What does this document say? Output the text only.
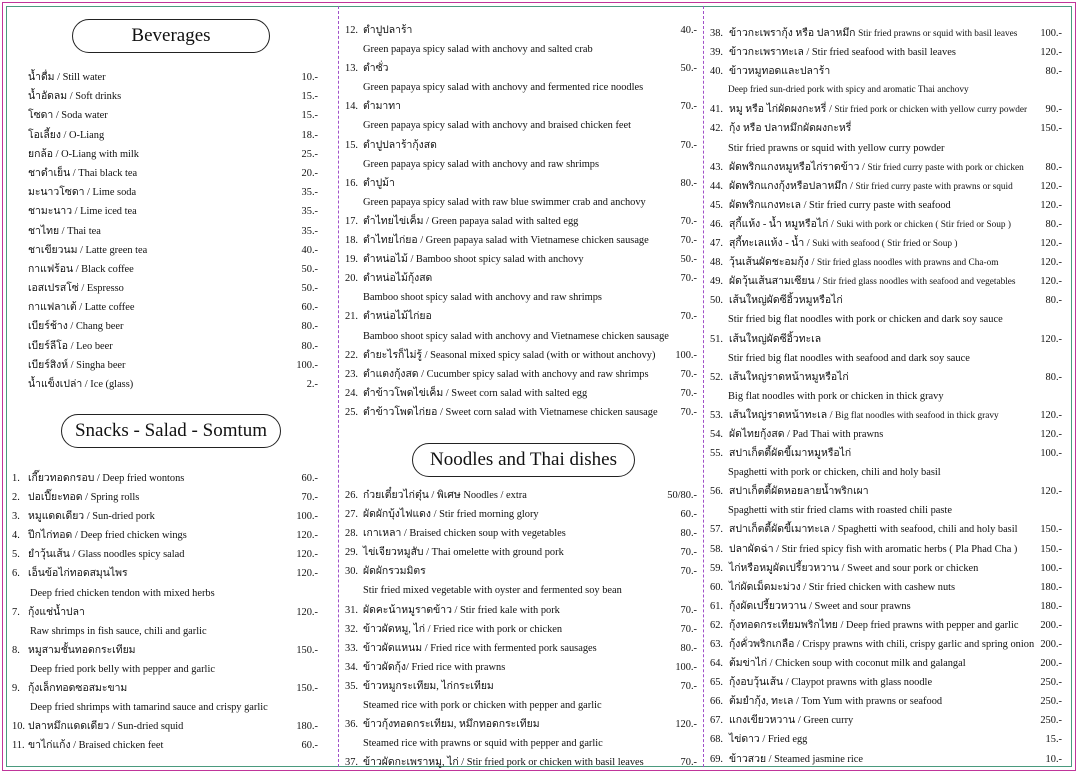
Beverages
น้ำดื่ม / Still water	10.-
น้ำอัดลม / Soft drinks	15.-
โซดา / Soda water	15.-
โอเลี้ยง / O-Liang	18.-
ยกล้อ / O-Liang with milk	25.-
ชาดำเย็น / Thai black tea	20.-
มะนาวโซดา / Lime soda	35.-
ชามะนาว / Lime iced tea	35.-
ชาไทย / Thai tea	35.-
ชาเขียวนม / Latte green tea	40.-
กาแฟร้อน / Black coffee	50.-
เอสเปรสโซ่ / Espresso	50.-
กาแฟลาเต้ / Latte coffee	60.-
เบียร์ช้าง / Chang beer	80.-
เบียร์ลีโอ / Leo beer	80.-
เบียร์สิงห์ / Singha beer	100.-
น้ำแข็งเปล่า / Ice (glass)	2.-
Snacks - Salad - Somtum
1. เกี๊ยวทอดกรอบ / Deep fried wontons	60.-
2. ปอเปี๊ยะทอด / Spring rolls	70.-
3. หมูแดดเดียว / Sun-dried pork	100.-
4. ปีกไก่ทอด / Deep fried chicken wings	120.-
5. ยำวุ้นเส้น / Glass noodles spicy salad	120.-
6. เอ็นข้อไก่ทอดสมุนไพร	120.-
Deep fried chicken tendon with mixed herbs
7. กุ้งแช่น้ำปลา	120.-
Raw shrimps in fish sauce, chili and garlic
8. หมูสามชั้นทอดกระเทียม	150.-
Deep fried pork belly with pepper and garlic
9. กุ้งเล็กทอดซอสมะขาม	150.-
Deep fried shrimps with tamarind sauce and crispy garlic
10. ปลาหมึกแดดเดียว / Sun-dried squid	180.-
11. ขาไก่แก้ง / Braised chicken feet	60.-
12. ตำปูปลาร้า	40.-
Green papaya spicy salad with anchovy and salted crab
13. ตำซั่ว	50.-
Green papaya spicy salad with anchovy and fermented rice noodles
14. ตำมาทา	70.-
Green papaya spicy salad with anchovy and braised chicken feet
15. ตำปูปลาร้ากุ้งสด	70.-
Green papaya spicy salad with anchovy and raw shrimps
16. ตำปูม้า	80.-
Green papaya spicy salad with raw blue swimmer crab and anchovy
17. ตำไทยไข่เค็ม / Green papaya salad with salted egg	70.-
18. ตำไทยไก่ยอ / Green papaya salad with Vietnamese chicken sausage	70.-
19. ตำหน่อไม้ / Bamboo shoot spicy salad with anchovy	50.-
20. ตำหน่อไม้กุ้งสด	70.-
Bamboo shoot spicy salad with anchovy and raw shrimps
21. ตำหน่อไม้ไก่ยอ	70.-
Bamboo shoot spicy salad with anchovy and Vietnamese chicken sausage
22. ตำยะไรก็ไม่รู้ / Seasonal mixed spicy salad (with or without anchovy) 100.-
23. ตำแตงกุ้งสด / Cucumber spicy salad with anchovy and raw shrimps	70.-
24. ตำข้าวโพดไข่เค็ม / Sweet corn salad with salted egg	70.-
25. ตำข้าวโพดไก่ยอ / Sweet corn salad with Vietnamese chicken sausage 70.-
Noodles and Thai dishes
26. ก๋วยเตี๋ยวไก่ตุ๋น / พิเศษ Noodles / extra	50/80.-
27. ผัดผักบุ้งไฟแดง / Stir fried morning glory	60.-
28. เกาเหลา / Braised chicken soup with vegetables	80.-
29. ไข่เจียวหมูสับ / Thai omelette with ground pork	70.-
30. ผัดผักรวมมิตร	70.-
Stir fried mixed vegetable with oyster and fermented soy bean
31. ผัดคะน้าหมูราดข้าว / Stir fried kale with pork	70.-
32. ข้าวผัดหมู, ไก่ / Fried rice with pork or chicken	70.-
33. ข้าวผัดแหนม / Fried rice with fermented pork sausages	80.-
34. ข้าวผัดกุ้ง/ Fried rice with prawns	100.-
35. ข้าวหมูกระเทียม, ไก่กระเทียม	70.-
Steamed rice with pork or chicken with pepper and garlic
36. ข้าวกุ้งทอดกระเทียม, หมึกทอดกระเทียม	120.-
Steamed rice with prawns or squid with pepper and garlic
37. ข้าวผัดกะเพราหมู, ไก่ / Stir fried pork or chicken with basil leaves	70.-
38. ข้าวกะเพรากุ้ง หรือ ปลาหมึก Stir fried prawns or squid with basil leaves 100.-
39. ข้าวกะเพราทะเล / Stir fried seafood with basil leaves	120.-
40. ข้าวหมูทอดและปลาร้า	80.-
Deep fried sun-dried pork with spicy and aromatic Thai anchovy
41. หมู หรือ ไก่ผัดผงกะหรี่ / Stir fried pork or chicken with yellow curry powder 90.-
42. กุ้ง หรือ ปลาหมึกผัดผงกะหรี่	150.-
Stir fried prawns or squid with yellow curry powder
43. ผัดพริกแกงหมูหรือไก่ราดข้าว / Stir fried curry paste with pork or chicken 80.-
44. ผัดพริกแกงกุ้งหรือปลาหมึก / Stir fried curry paste with prawns or squid	120.-
45. ผัดพริกแกงทะเล / Stir fried curry paste with seafood	120.-
46. สุกี้แห้ง - น้ำ หมูหรือไก่ / Suki with pork or chicken ( Stir fried or Soup )	80.-
47. สุกี้ทะเลแห้ง - น้ำ / Suki with seafood ( Stir fried or Soup )	120.-
48. วุ้นเส้นผัดชะอมกุ้ง / Stir fried glass noodles with prawns and Cha-om	120.-
49. ผัดวุ้นเส้นสามเซียน / Stir fried glass noodles with seafood and vegetables 120.-
50. เส้นใหญ่ผัดซีอิ้วหมูหรือไก่	80.-
Stir fried big flat noodles with pork or chicken and dark soy sauce
51. เส้นใหญ่ผัดซีอิ้วทะเล	120.-
Stir fried big flat noodles with seafood and dark soy sauce
52. เส้นใหญ่ราดหน้าหมูหรือไก่	80.-
Big flat noodles with pork or chicken in thick gravy
53. เส้นใหญ่ราดหน้าทะเล / Big flat noodles with seafood in thick gravy	120.-
54. ผัดไทยกุ้งสด / Pad Thai with prawns	120.-
55. สปาเก็ตตี้ผัดขี้เมาหมูหรือไก่	100.-
Spaghetti with pork or chicken, chili and holy basil
56. สปาเก็ตตี้ผัดหอยลายน้ำพริกเผา	120.-
Spaghetti with stir fried clams with roasted chili paste
57. สปาเก็ตตี้ผัดขี้เมาทะเล / Spaghetti with seafood, chili and holy basil 150.-
58. ปลาผัดฉ่า / Stir fried spicy fish with aromatic herbs ( Pla Phad Cha ) 150.-
59. ไก่หรือหมูผัดเปรี้ยวหวาน / Sweet and sour pork or chicken	100.-
60. ไก่ผัดเม็ดมะม่วง / Stir fried chicken with cashew nuts	180.-
61. กุ้งผัดเปรี้ยวหวาน / Sweet and sour prawns	180.-
62. กุ้งทอดกระเทียมพริกไทย / Deep fried prawns with pepper and garlic 200.-
63. กุ้งคั่วพริกเกลือ / Crispy prawns with chili, crispy garlic and spring onion 200.-
64. ต้มข่าไก่ / Chicken soup with coconut milk and galangal	200.-
65. กุ้งอบวุ้นเส้น / Claypot prawns with glass noodle	250.-
66. ต้มยำกุ้ง, ทะเล / Tom Yum with prawns or seafood	250.-
67. แกงเขียวหวาน / Green curry	250.-
68. ไข่ดาว / Fried egg	15.-
69. ข้าวสวย / Steamed jasmine rice	10.-
